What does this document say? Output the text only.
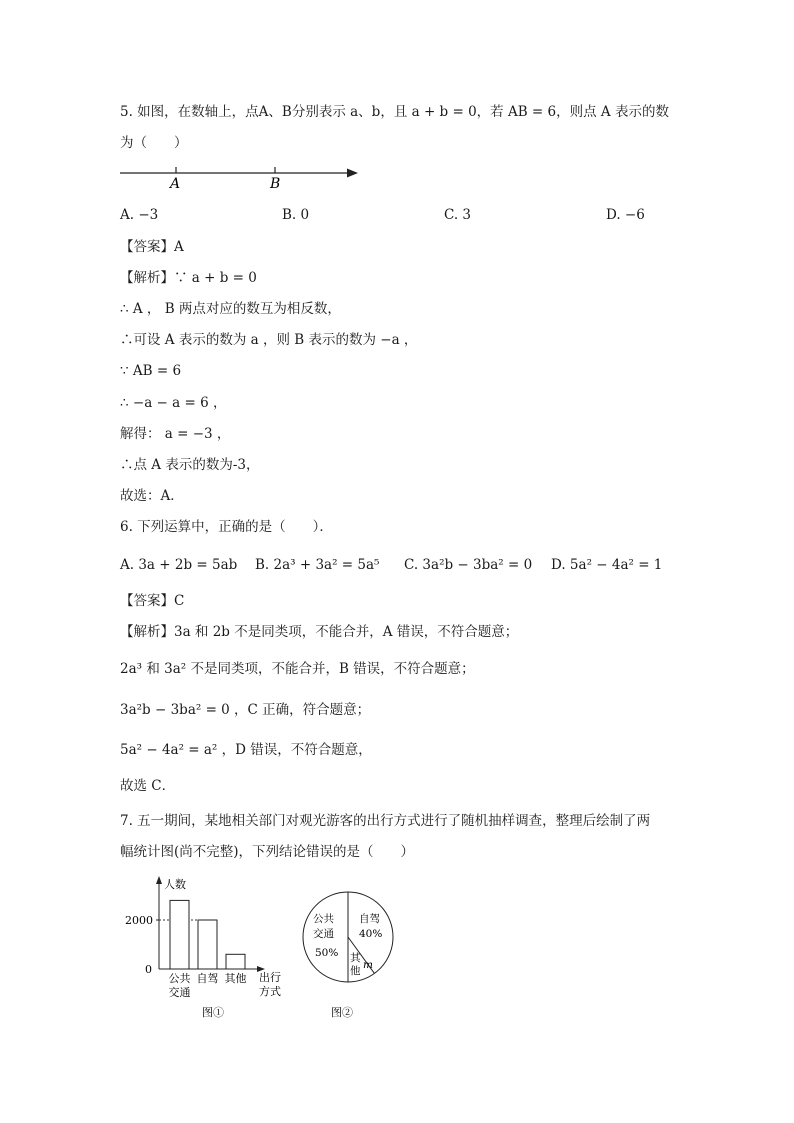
5. 如图，在数轴上，点A、B分别表示 a、b，且 a + b = 0，若 AB = 6，则点 A 表示的数
为（　　）
A	B
A. −3	B. 0	C. 3	D. −6
【答案】A
【解析】∵ a + b = 0
∴ A ， B 两点对应的数互为相反数，
∴可设 A 表示的数为 a ，则 B 表示的数为 −a ，
∵ AB = 6
∴ −a − a = 6 ，
解得： a = −3 ，
∴点 A 表示的数为-3，
故选：A．
6. 下列运算中，正确的是（　　）．
A. 3a + 2b = 5ab B. 2a³ + 3a² = 5a⁵ C. 3a²b − 3ba² = 0 D. 5a² − 4a² = 1
【答案】C
【解析】3a 和 2b 不是同类项，不能合并，A 错误，不符合题意；
2a³ 和 3a² 不是同类项，不能合并，B 错误，不符合题意；
3a²b − 3ba² = 0 ，C 正确，符合题意；
5a² − 4a² = a² ，D 错误，不符合题意，
故选 C．
7. 五一期间，某地相关部门对观光游客的出行方式进行了随机抽样调查，整理后绘制了两
幅统计图(尚不完整)，下列结论错误的是（　　）
人数
2000
0
公共
交通
自驾 其他 出行
方式
图①
公共
交通
50%
自驾
40%
其
他 m
图②
